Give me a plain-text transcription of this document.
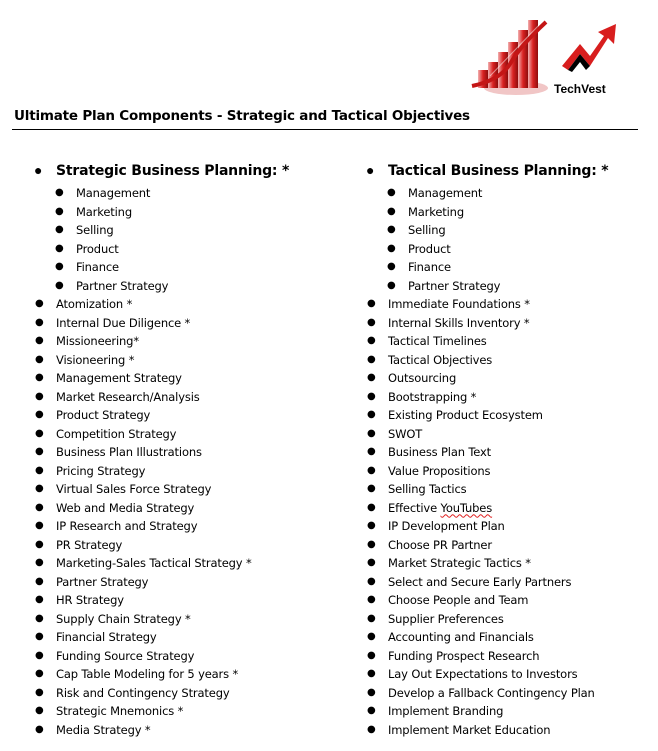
TechVest
Ultimate Plan Components - Strategic and Tactical Objectives
● Strategic Business Planning: *
● Management
● Marketing
● Selling
● Product
● Finance
● Partner Strategy
● Atomization *
● Internal Due Diligence *
● Missioneering*
● Visioneering *
● Management Strategy
● Market Research/Analysis
● Product Strategy
● Competition Strategy
● Business Plan Illustrations
● Pricing Strategy
● Virtual Sales Force Strategy
● Web and Media Strategy
● IP Research and Strategy
● PR Strategy
● Marketing-Sales Tactical Strategy *
● Partner Strategy
● HR Strategy
● Supply Chain Strategy *
● Financial Strategy
● Funding Source Strategy
● Cap Table Modeling for 5 years *
● Risk and Contingency Strategy
● Strategic Mnemonics *
● Media Strategy *
● Tactical Business Planning: *
● Management
● Marketing
● Selling
● Product
● Finance
● Partner Strategy
● Immediate Foundations *
● Internal Skills Inventory *
● Tactical Timelines
● Tactical Objectives
● Outsourcing
● Bootstrapping *
● Existing Product Ecosystem
● SWOT
● Business Plan Text
● Value Propositions
● Selling Tactics
● Effective YouTubes
● IP Development Plan
● Choose PR Partner
● Market Strategic Tactics *
● Select and Secure Early Partners
● Choose People and Team
● Supplier Preferences
● Accounting and Financials
● Funding Prospect Research
● Lay Out Expectations to Investors
● Develop a Fallback Contingency Plan
● Implement Branding
● Implement Market Education
